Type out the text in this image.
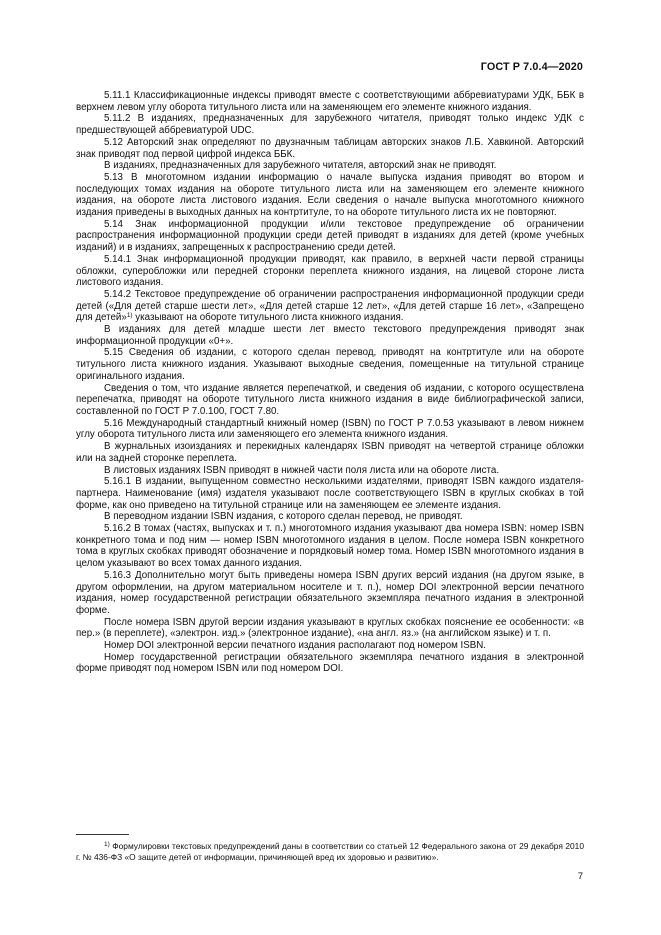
ГОСТ Р 7.0.4—2020

5.11.1 Классификационные индексы приводят вместе с соответствующими аббревиатурами УДК, ББК в верхнем левом углу оборота титульного листа или на заменяющем его элементе книжного издания.

5.11.2 В изданиях, предназначенных для зарубежного читателя, приводят только индекс УДК с предшествующей аббревиатурой UDC.

5.12 Авторский знак определяют по двузначным таблицам авторских знаков Л.Б. Хавкиной. Авторский знак приводят под первой цифрой индекса ББК.

В изданиях, предназначенных для зарубежного читателя, авторский знак не приводят.

5.13 В многотомном издании информацию о начале выпуска издания приводят во втором и последующих томах издания на обороте титульного листа или на заменяющем его элементе книжного издания, на обороте листа листового издания. Если сведения о начале выпуска многотомного книжного издания приведены в выходных данных на контртитуле, то на обороте титульного листа их не повторяют.

5.14 Знак информационной продукции и/или текстовое предупреждение об ограничении распространения информационной продукции среди детей приводят в изданиях для детей (кроме учебных изданий) и в изданиях, запрещенных к распространению среди детей.

5.14.1 Знак информационной продукции приводят, как правило, в верхней части первой страницы обложки, суперобложки или передней сторонки переплета книжного издания, на лицевой стороне листа листового издания.

5.14.2 Текстовое предупреждение об ограничении распространения информационной продукции среди детей («Для детей старше шести лет», «Для детей старше 12 лет», «Для детей старше 16 лет», «Запрещено для детей»$^{1)}$ указывают на обороте титульного листа книжного издания.

В изданиях для детей младше шести лет вместо текстового предупреждения приводят знак информационной продукции «0+».

5.15 Сведения об издании, с которого сделан перевод, приводят на контртитуле или на обороте титульного листа книжного издания. Указывают выходные сведения, помещенные на титульной странице оригинального издания.

Сведения о том, что издание является перепечаткой, и сведения об издании, с которого осуществлена перепечатка, приводят на обороте титульного листа книжного издания в виде библиографической записи, составленной по ГОСТ Р 7.0.100, ГОСТ 7.80.

5.16 Международный стандартный книжный номер (ISBN) по ГОСТ Р 7.0.53 указывают в левом нижнем углу оборота титульного листа или заменяющего его элемента книжного издания.

В журнальных изоизданиях и перекидных календарях ISBN приводят на четвертой странице обложки или на задней сторонке переплета.

В листовых изданиях ISBN приводят в нижней части поля листа или на обороте листа.

5.16.1 В издании, выпущенном совместно несколькими издателями, приводят ISBN каждого издателя-партнера. Наименование (имя) издателя указывают после соответствующего ISBN в круглых скобках в той форме, как оно приведено на титульной странице или на заменяющем ее элементе издания.

В переводном издании ISBN издания, с которого сделан перевод, не приводят.

5.16.2 В томах (частях, выпусках и т. п.) многотомного издания указывают два номера ISBN: номер ISBN конкретного тома и под ним — номер ISBN многотомного издания в целом. После номера ISBN конкретного тома в круглых скобках приводят обозначение и порядковый номер тома. Номер ISBN многотомного издания в целом указывают во всех томах данного издания.

5.16.3 Дополнительно могут быть приведены номера ISBN других версий издания (на другом языке, в другом оформлении, на другом материальном носителе и т. п.), номер DOI электронной версии печатного издания, номер государственной регистрации обязательного экземпляра печатного издания в электронной форме.

После номера ISBN другой версии издания указывают в круглых скобках пояснение ее особенности: «в пер.» (в переплете), «электрон. изд.» (электронное издание), «на англ. яз.» (на английском языке) и т. п.

Номер DOI электронной версии печатного издания располагают под номером ISBN.

Номер государственной регистрации обязательного экземпляра печатного издания в электронной форме приводят под номером ISBN или под номером DOI.

$^{1)}$ Формулировки текстовых предупреждений даны в соответствии со статьей 12 Федерального закона от 29 декабря 2010 г. № 436-ФЗ «О защите детей от информации, причиняющей вред их здоровью и развитию».

7
